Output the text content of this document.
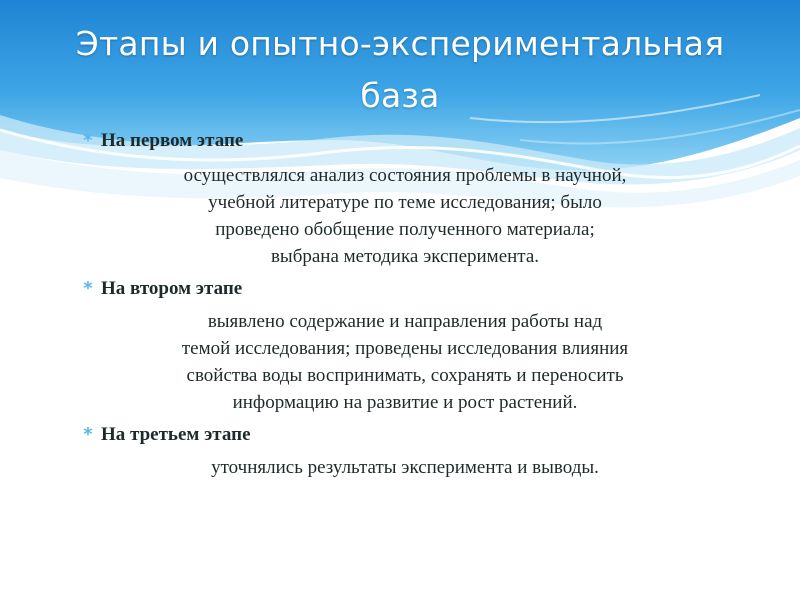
Этапы и опытно-экспериментальная
база
* На первом этапе
осуществлялся анализ состояния проблемы в научной,
учебной литературе по теме исследования; было
проведено обобщение полученного материала;
выбрана методика эксперимента.
* На втором этапе
выявлено содержание и направления работы над
темой исследования; проведены исследования влияния
свойства воды воспринимать, сохранять и переносить
информацию на развитие и рост растений.
* На третьем этапе
уточнялись результаты эксперимента и выводы.
